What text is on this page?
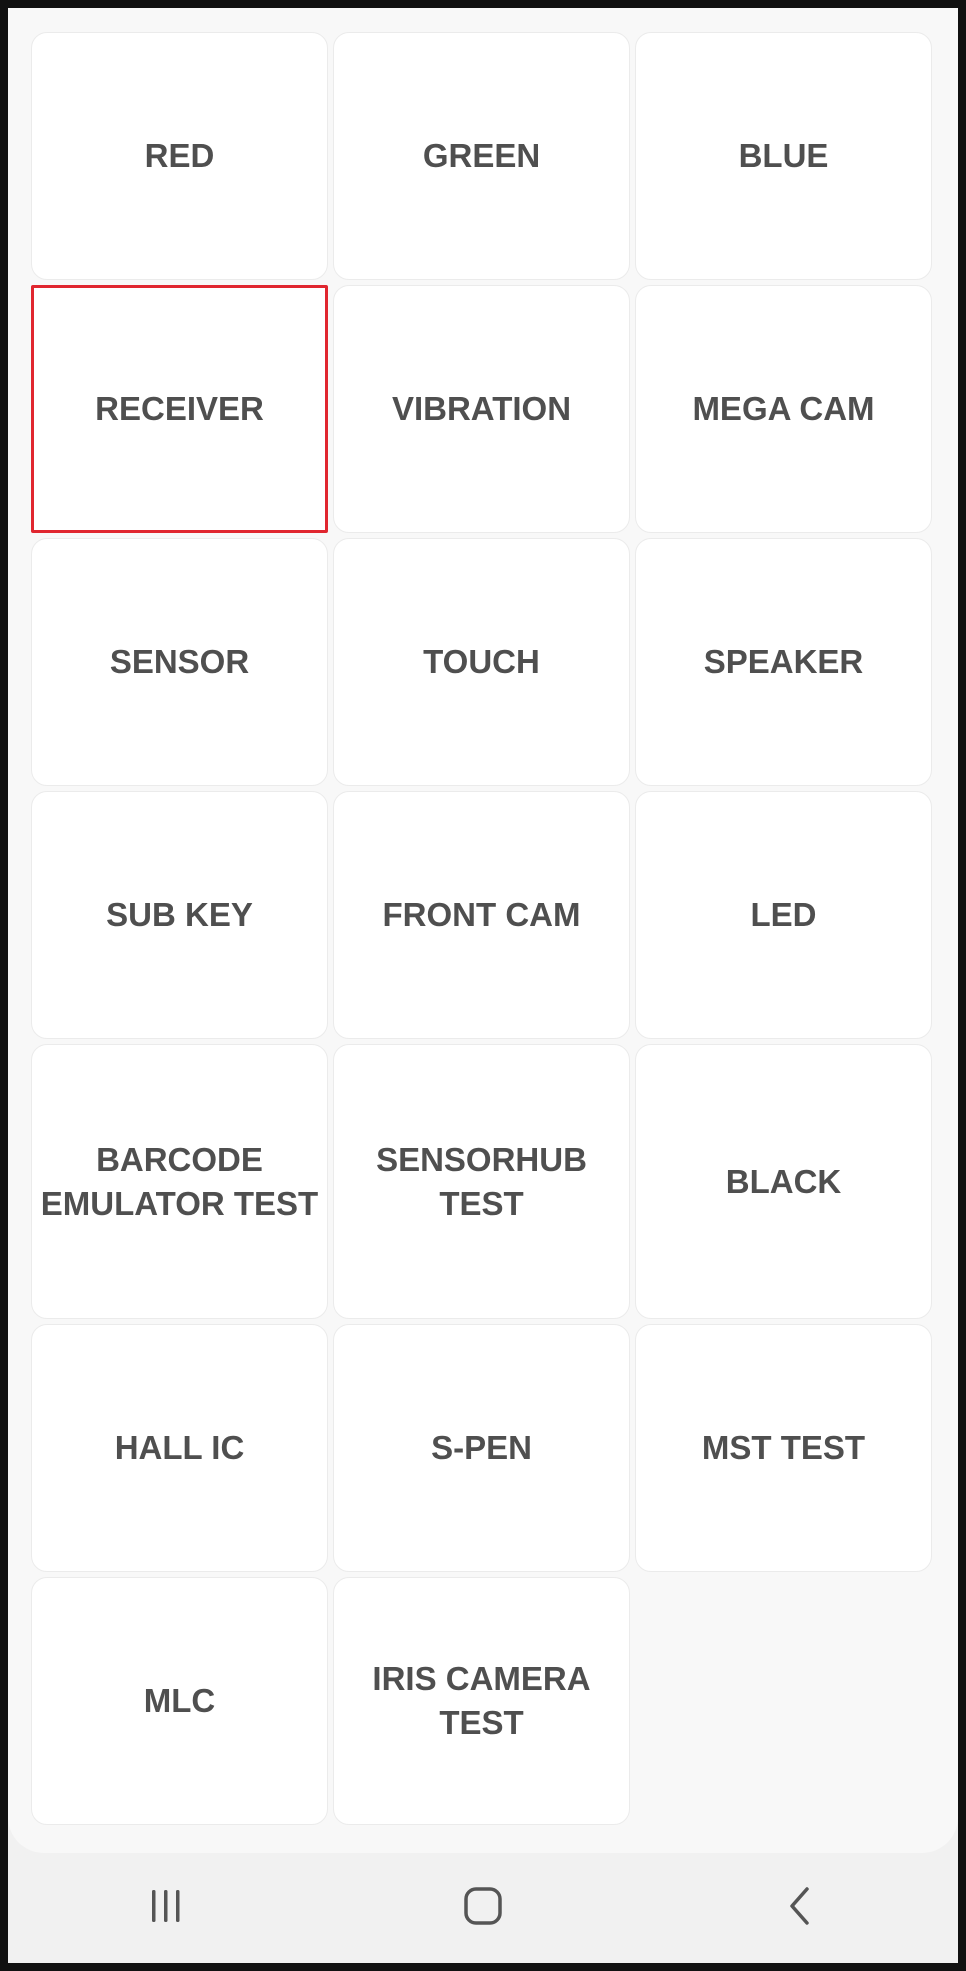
RED	GREEN	BLUE
RECEIVER	VIBRATION	MEGA CAM
SENSOR	TOUCH	SPEAKER
SUB KEY	FRONT CAM	LED
BARCODE
EMULATOR TEST
SENSORHUB TEST
BLACK
HALL IC	S-PEN	MST TEST
MLC
IRIS CAMERA TEST
